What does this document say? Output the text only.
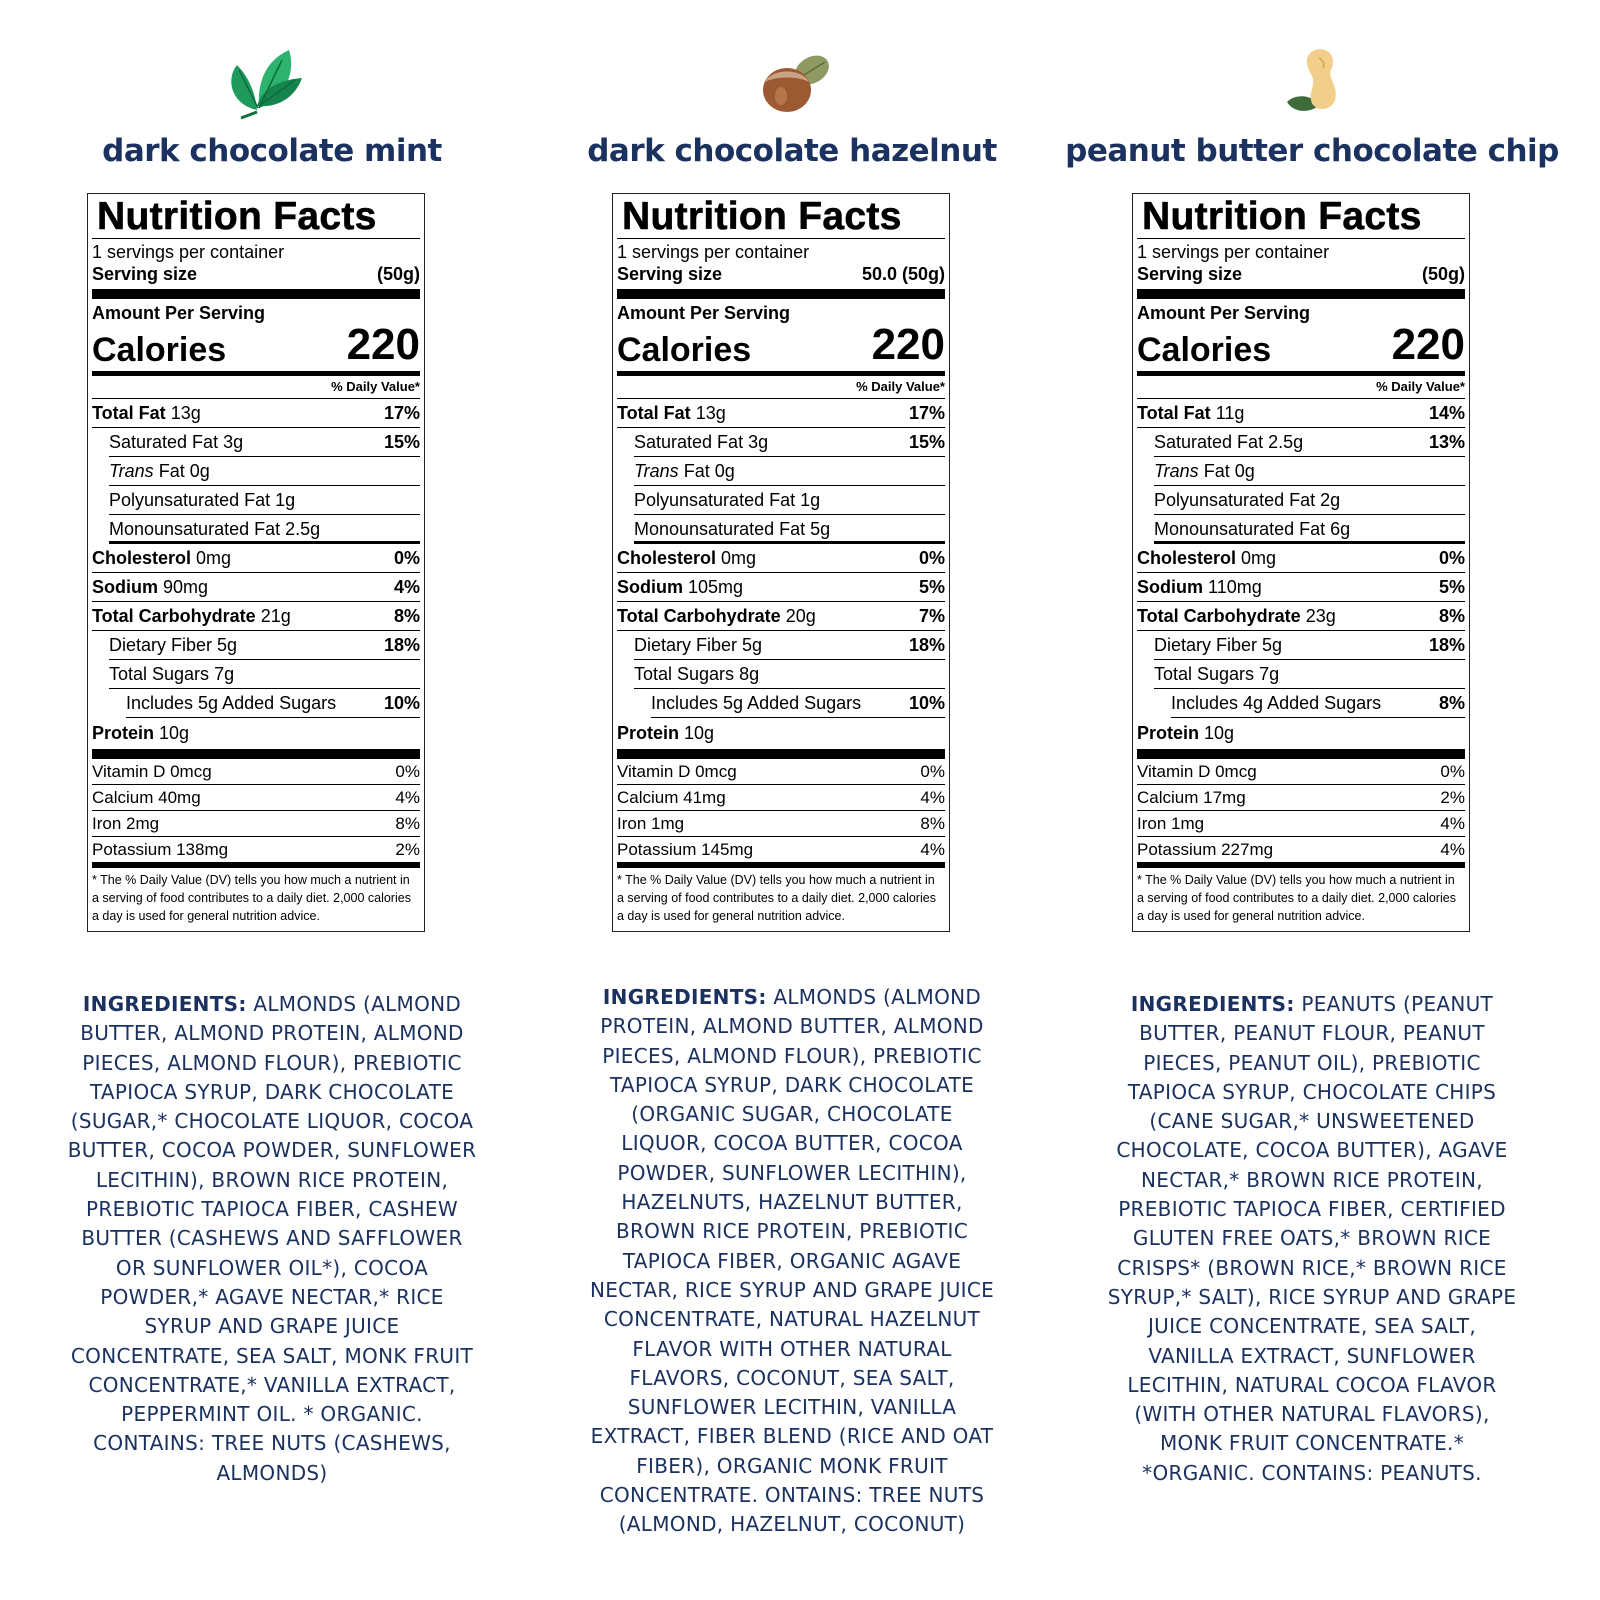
dark chocolate mint
Nutrition Facts
1 servings per container
Serving size	(50g)
Amount Per Serving
Calories	220
% Daily Value*
Total Fat 13g	17%
Saturated Fat 3g	15%
Trans Fat 0g
Polyunsaturated Fat 1g
Monounsaturated Fat 2.5g
Cholesterol 0mg	0%
Sodium 90mg	4%
Total Carbohydrate 21g	8%
Dietary Fiber 5g	18%
Total Sugars 7g
Includes 5g Added Sugars	10%
Protein 10g
Vitamin D 0mcg	0%
Calcium 40mg	4%
Iron 2mg	8%
Potassium 138mg	2%
* The % Daily Value (DV) tells you how much a nutrient in a serving of food contributes to a daily diet. 2,000 calories a day is used for general nutrition advice.
INGREDIENTS: ALMONDS (ALMOND BUTTER, ALMOND PROTEIN, ALMOND PIECES, ALMOND FLOUR), PREBIOTIC TAPIOCA SYRUP, DARK CHOCOLATE (SUGAR,* CHOCOLATE LIQUOR, COCOA BUTTER, COCOA POWDER, SUNFLOWER LECITHIN), BROWN RICE PROTEIN, PREBIOTIC TAPIOCA FIBER, CASHEW BUTTER (CASHEWS AND SAFFLOWER OR SUNFLOWER OIL*), COCOA POWDER,* AGAVE NECTAR,* RICE SYRUP AND GRAPE JUICE CONCENTRATE, SEA SALT, MONK FRUIT CONCENTRATE,* VANILLA EXTRACT, PEPPERMINT OIL. * ORGANIC. CONTAINS: TREE NUTS (CASHEWS, ALMONDS)
dark chocolate hazelnut
Nutrition Facts
1 servings per container
Serving size	50.0 (50g)
Amount Per Serving
Calories	220
% Daily Value*
Total Fat 13g	17%
Saturated Fat 3g	15%
Trans Fat 0g
Polyunsaturated Fat 1g
Monounsaturated Fat 5g
Cholesterol 0mg	0%
Sodium 105mg	5%
Total Carbohydrate 20g	7%
Dietary Fiber 5g	18%
Total Sugars 8g
Includes 5g Added Sugars	10%
Protein 10g
Vitamin D 0mcg	0%
Calcium 41mg	4%
Iron 1mg	8%
Potassium 145mg	4%
* The % Daily Value (DV) tells you how much a nutrient in a serving of food contributes to a daily diet. 2,000 calories a day is used for general nutrition advice.
INGREDIENTS: ALMONDS (ALMOND PROTEIN, ALMOND BUTTER, ALMOND PIECES, ALMOND FLOUR), PREBIOTIC TAPIOCA SYRUP, DARK CHOCOLATE (ORGANIC SUGAR, CHOCOLATE LIQUOR, COCOA BUTTER, COCOA POWDER, SUNFLOWER LECITHIN), HAZELNUTS, HAZELNUT BUTTER, BROWN RICE PROTEIN, PREBIOTIC TAPIOCA FIBER, ORGANIC AGAVE NECTAR, RICE SYRUP AND GRAPE JUICE CONCENTRATE, NATURAL HAZELNUT FLAVOR WITH OTHER NATURAL FLAVORS, COCONUT, SEA SALT, SUNFLOWER LECITHIN, VANILLA EXTRACT, FIBER BLEND (RICE AND OAT FIBER), ORGANIC MONK FRUIT CONCENTRATE. ONTAINS: TREE NUTS (ALMOND, HAZELNUT, COCONUT)
peanut butter chocolate chip
Nutrition Facts
1 servings per container
Serving size	(50g)
Amount Per Serving
Calories	220
% Daily Value*
Total Fat 11g	14%
Saturated Fat 2.5g	13%
Trans Fat 0g
Polyunsaturated Fat 2g
Monounsaturated Fat 6g
Cholesterol 0mg	0%
Sodium 110mg	5%
Total Carbohydrate 23g	8%
Dietary Fiber 5g	18%
Total Sugars 7g
Includes 4g Added Sugars	8%
Protein 10g
Vitamin D 0mcg	0%
Calcium 17mg	2%
Iron 1mg	4%
Potassium 227mg	4%
* The % Daily Value (DV) tells you how much a nutrient in a serving of food contributes to a daily diet. 2,000 calories a day is used for general nutrition advice.
INGREDIENTS: PEANUTS (PEANUT BUTTER, PEANUT FLOUR, PEANUT PIECES, PEANUT OIL), PREBIOTIC TAPIOCA SYRUP, CHOCOLATE CHIPS (CANE SUGAR,* UNSWEETENED CHOCOLATE, COCOA BUTTER), AGAVE NECTAR,* BROWN RICE PROTEIN, PREBIOTIC TAPIOCA FIBER, CERTIFIED GLUTEN FREE OATS,* BROWN RICE CRISPS* (BROWN RICE,* BROWN RICE SYRUP,* SALT), RICE SYRUP AND GRAPE JUICE CONCENTRATE, SEA SALT, VANILLA EXTRACT, SUNFLOWER LECITHIN, NATURAL COCOA FLAVOR (WITH OTHER NATURAL FLAVORS), MONK FRUIT CONCENTRATE.* *ORGANIC. CONTAINS: PEANUTS.
